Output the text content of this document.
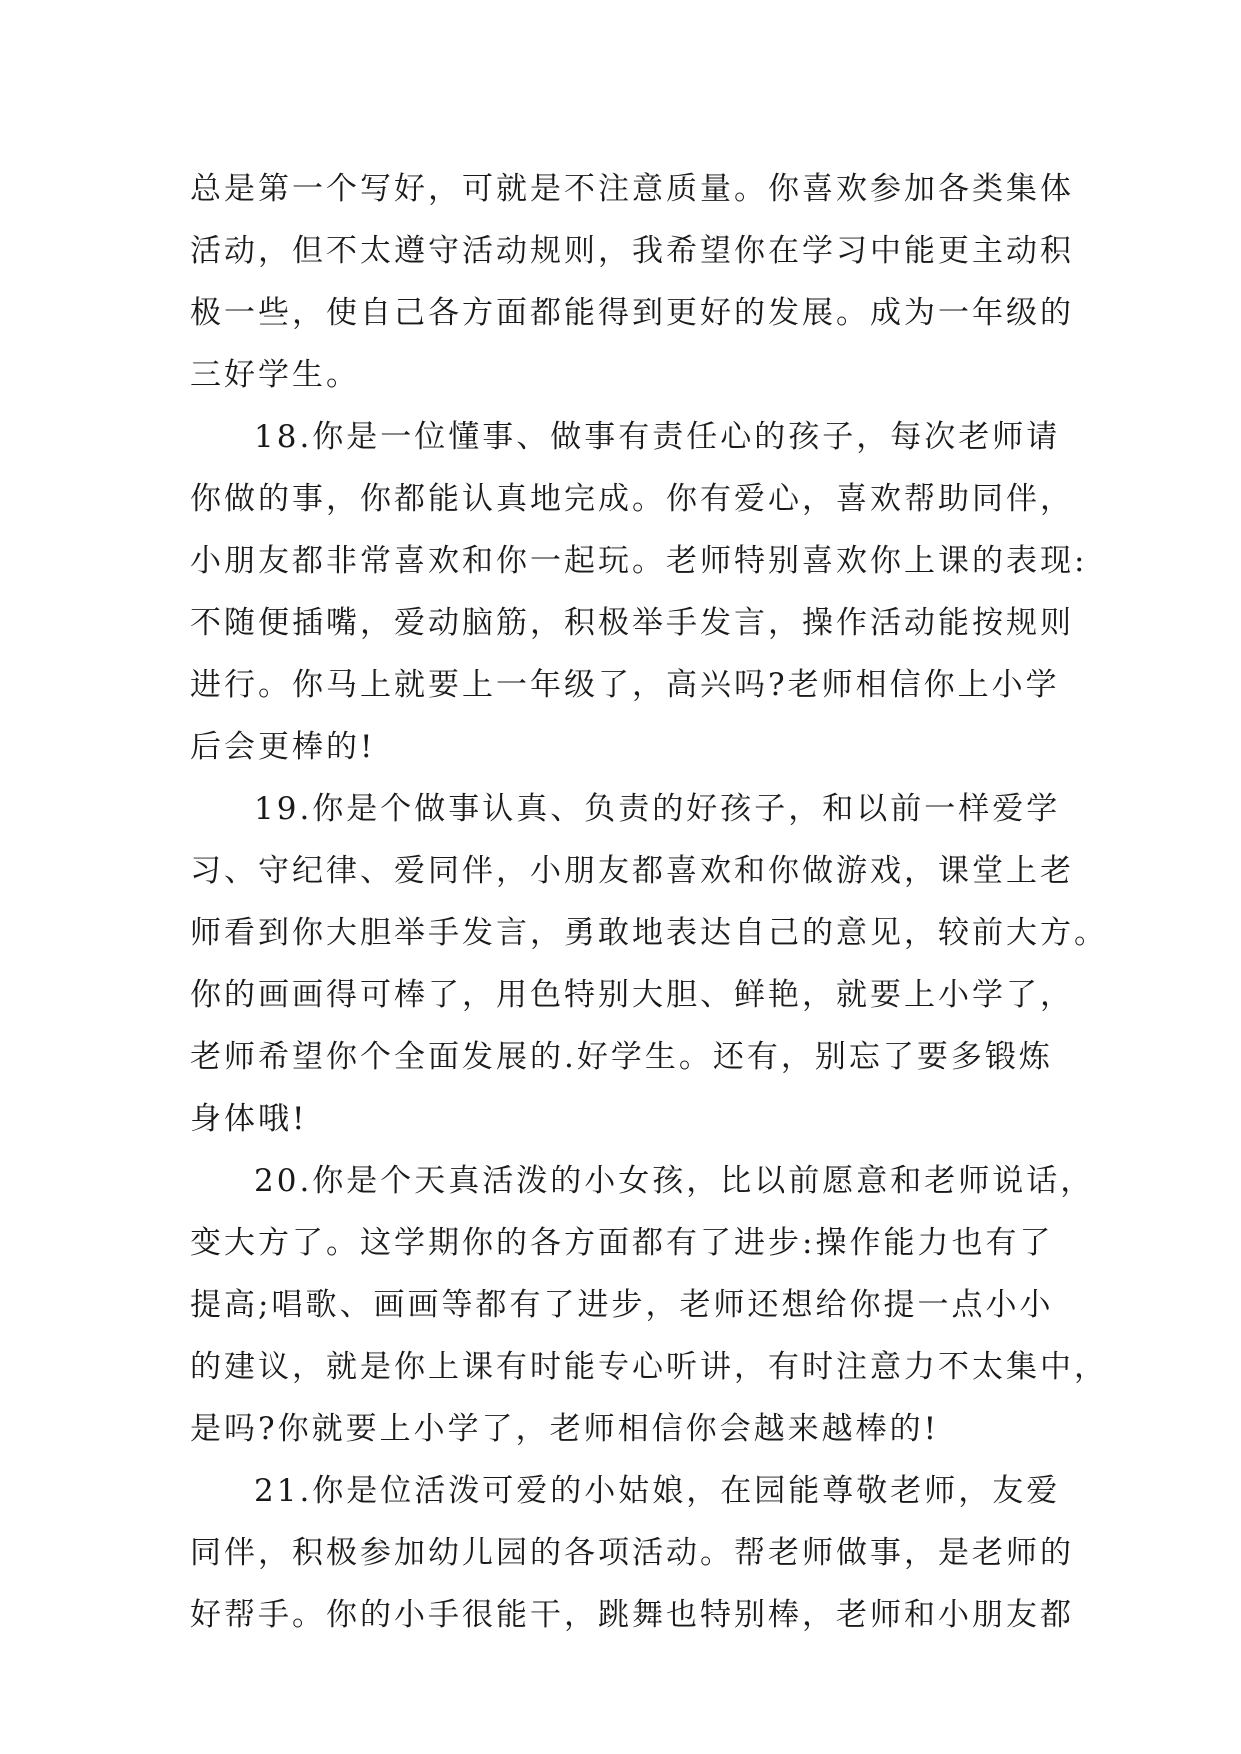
总是第一个写好，可就是不注意质量。你喜欢参加各类集体
活动，但不太遵守活动规则，我希望你在学习中能更主动积
极一些，使自己各方面都能得到更好的发展。成为一年级的
三好学生。
18.你是一位懂事、做事有责任心的孩子，每次老师请
你做的事，你都能认真地完成。你有爱心，喜欢帮助同伴，
小朋友都非常喜欢和你一起玩。老师特别喜欢你上课的表现:
不随便插嘴，爱动脑筋，积极举手发言，操作活动能按规则
进行。你马上就要上一年级了，高兴吗?老师相信你上小学
后会更棒的!
19.你是个做事认真、负责的好孩子，和以前一样爱学
习、守纪律、爱同伴，小朋友都喜欢和你做游戏，课堂上老
师看到你大胆举手发言，勇敢地表达自己的意见，较前大方。
你的画画得可棒了，用色特别大胆、鲜艳，就要上小学了，
老师希望你个全面发展的.好学生。还有，别忘了要多锻炼
身体哦!
20.你是个天真活泼的小女孩，比以前愿意和老师说话，
变大方了。这学期你的各方面都有了进步:操作能力也有了
提高;唱歌、画画等都有了进步，老师还想给你提一点小小
的建议，就是你上课有时能专心听讲，有时注意力不太集中，
是吗?你就要上小学了，老师相信你会越来越棒的!
21.你是位活泼可爱的小姑娘，在园能尊敬老师，友爱
同伴，积极参加幼儿园的各项活动。帮老师做事，是老师的
好帮手。你的小手很能干，跳舞也特别棒，老师和小朋友都
